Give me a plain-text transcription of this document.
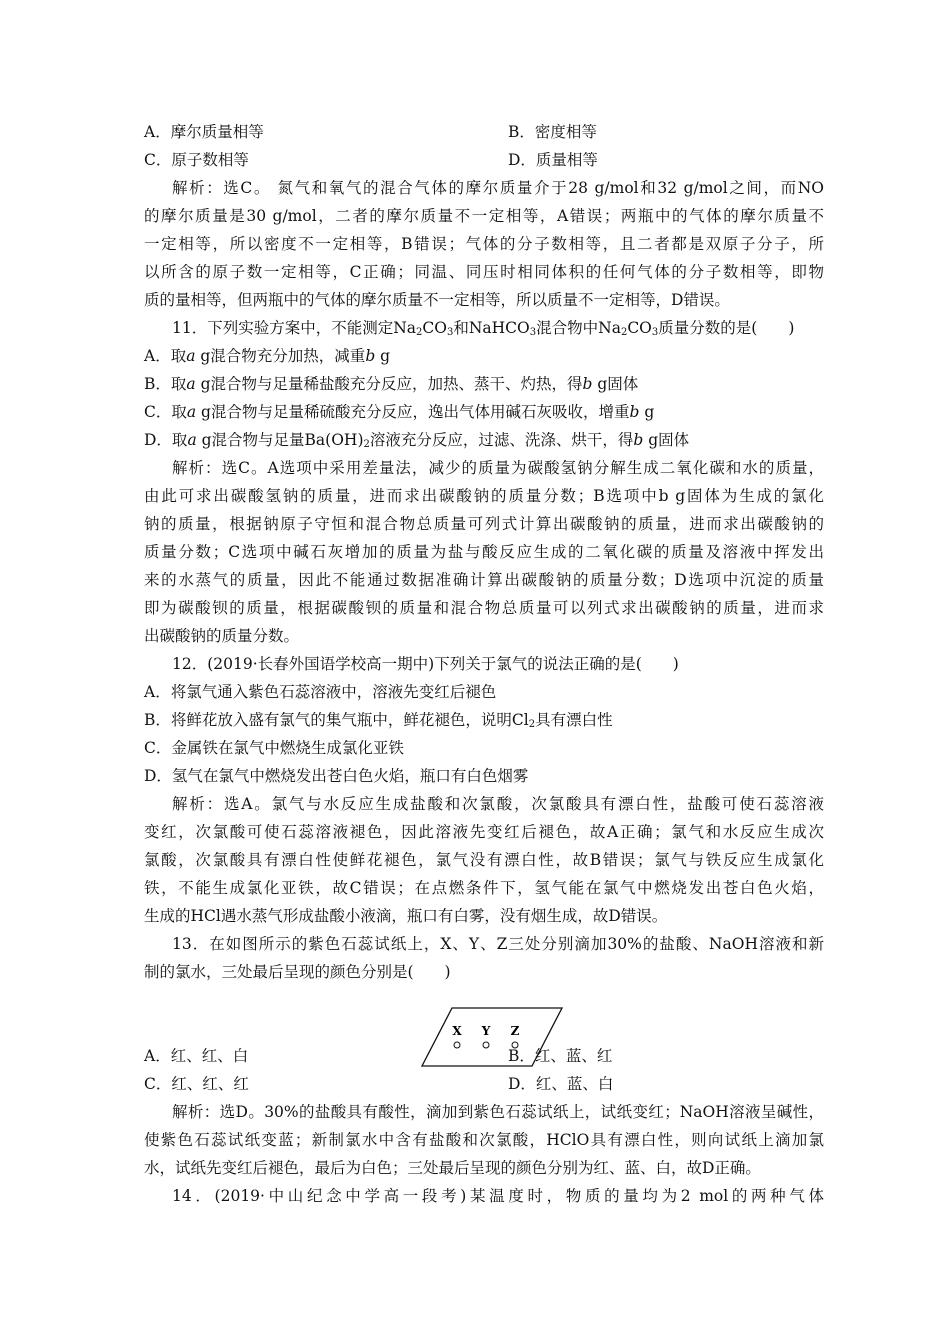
A．摩尔质量相等	B．密度相等
C．原子数相等	D．质量相等
解析：选C。 氮气和氧气的混合气体的摩尔质量介于28 g/mol和32 g/mol之间，而NO
的摩尔质量是30 g/mol，二者的摩尔质量不一定相等，A错误；两瓶中的气体的摩尔质量不
一定相等，所以密度不一定相等，B错误；气体的分子数相等，且二者都是双原子分子，所
以所含的原子数一定相等，C正确；同温、同压时相同体积的任何气体的分子数相等，即物
质的量相等，但两瓶中的气体的摩尔质量不一定相等，所以质量不一定相等，D错误。
11．下列实验方案中，不能测定$Na_2CO_3$和NaHCO$_3$混合物中$Na_2CO_3$质量分数的是(　　)
A．取a g混合物充分加热，减重b g
B．取a g混合物与足量稀盐酸充分反应，加热、蒸干、灼热，得b g固体
C．取a g混合物与足量稀硫酸充分反应，逸出气体用碱石灰吸收，增重b g
D．取a g混合物与足量$Ba(OH)_2$溶液充分反应，过滤、洗涤、烘干，得b g固体
解析：选C。A选项中采用差量法，减少的质量为碳酸氢钠分解生成二氧化碳和水的质量，
由此可求出碳酸氢钠的质量，进而求出碳酸钠的质量分数；B选项中b g固体为生成的氯化
钠的质量，根据钠原子守恒和混合物总质量可列式计算出碳酸钠的质量，进而求出碳酸钠的
质量分数；C选项中碱石灰增加的质量为盐与酸反应生成的二氧化碳的质量及溶液中挥发出
来的水蒸气的质量，因此不能通过数据准确计算出碳酸钠的质量分数；D选项中沉淀的质量
即为碳酸钡的质量，根据碳酸钡的质量和混合物总质量可以列式求出碳酸钠的质量，进而求
出碳酸钠的质量分数。
12．(2019·长春外国语学校高一期中)下列关于氯气的说法正确的是(　　)
A．将氯气通入紫色石蕊溶液中，溶液先变红后褪色
B．将鲜花放入盛有氯气的集气瓶中，鲜花褪色，说明$Cl_2$具有漂白性
C．金属铁在氯气中燃烧生成氯化亚铁
D．氢气在氯气中燃烧发出苍白色火焰，瓶口有白色烟雾
解析：选A。氯气与水反应生成盐酸和次氯酸，次氯酸具有漂白性，盐酸可使石蕊溶液
变红，次氯酸可使石蕊溶液褪色，因此溶液先变红后褪色，故A正确；氯气和水反应生成次
氯酸，次氯酸具有漂白性使鲜花褪色，氯气没有漂白性，故B错误；氯气与铁反应生成氯化
铁，不能生成氯化亚铁，故C错误；在点燃条件下，氢气能在氯气中燃烧发出苍白色火焰，
生成的HCl遇水蒸气形成盐酸小液滴，瓶口有白雾，没有烟生成，故D错误。
13．在如图所示的紫色石蕊试纸上，X、Y、Z三处分别滴加30%的盐酸、NaOH溶液和新
制的氯水，三处最后呈现的颜色分别是(　　)
X Y Z
A．红、红、白	B．红、蓝、红
C．红、红、红	D．红、蓝、白
解析：选D。30%的盐酸具有酸性，滴加到紫色石蕊试纸上，试纸变红；NaOH溶液呈碱性，
使紫色石蕊试纸变蓝；新制氯水中含有盐酸和次氯酸，HClO具有漂白性，则向试纸上滴加氯
水，试纸先变红后褪色，最后为白色；三处最后呈现的颜色分别为红、蓝、白，故D正确。
14．(2019·中山纪念中学高一段考)某温度时，物质的量均为2 mol的两种气体
